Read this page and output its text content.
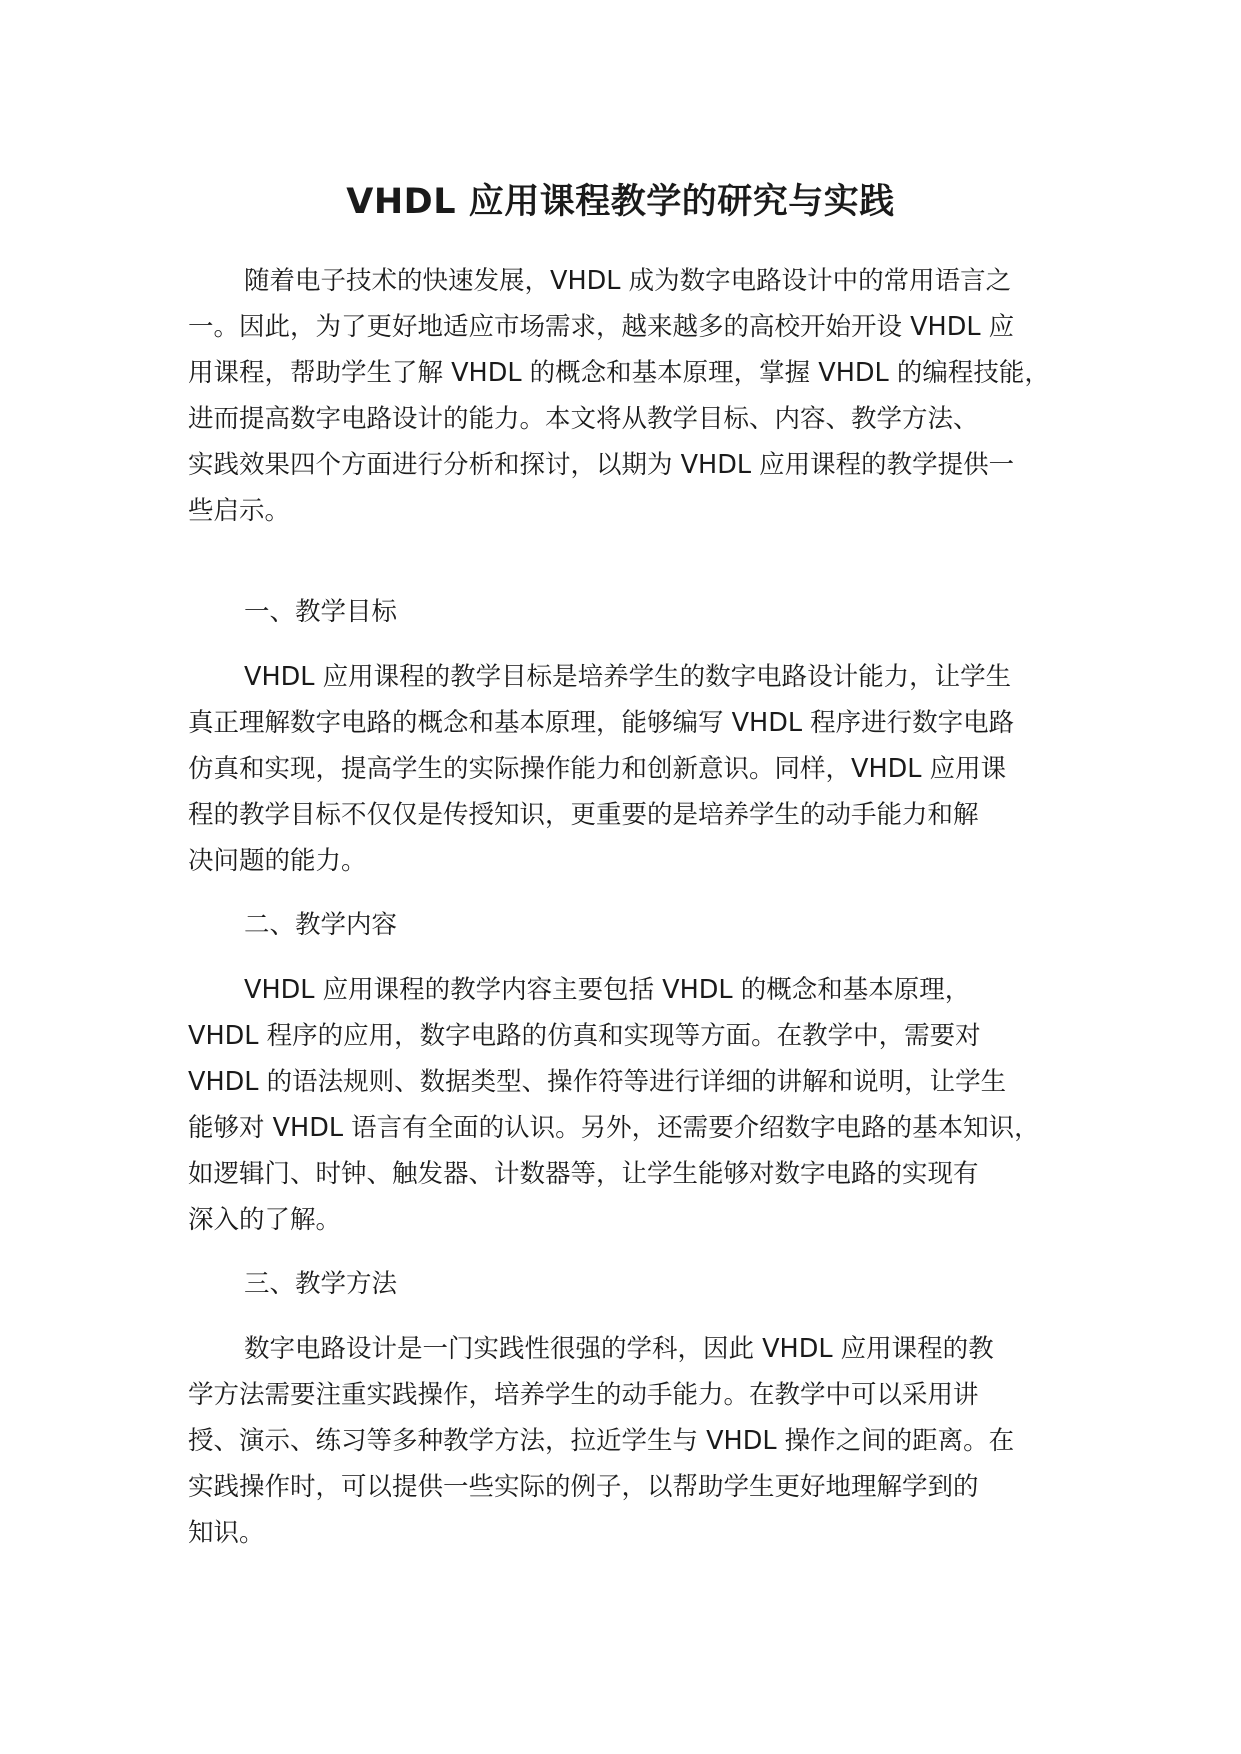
VHDL 应用课程教学的研究与实践
随着电子技术的快速发展，VHDL 成为数字电路设计中的常用语言之
一。因此，为了更好地适应市场需求，越来越多的高校开始开设 VHDL 应
用课程，帮助学生了解 VHDL 的概念和基本原理，掌握 VHDL 的编程技能，
进而提高数字电路设计的能力。本文将从教学目标、内容、教学方法、
实践效果四个方面进行分析和探讨，以期为 VHDL 应用课程的教学提供一
些启示。
一、教学目标
VHDL 应用课程的教学目标是培养学生的数字电路设计能力，让学生
真正理解数字电路的概念和基本原理，能够编写 VHDL 程序进行数字电路
仿真和实现，提高学生的实际操作能力和创新意识。同样，VHDL 应用课
程的教学目标不仅仅是传授知识，更重要的是培养学生的动手能力和解
决问题的能力。
二、教学内容
VHDL 应用课程的教学内容主要包括 VHDL 的概念和基本原理，
VHDL 程序的应用，数字电路的仿真和实现等方面。在教学中，需要对
VHDL 的语法规则、数据类型、操作符等进行详细的讲解和说明，让学生
能够对 VHDL 语言有全面的认识。另外，还需要介绍数字电路的基本知识，
如逻辑门、时钟、触发器、计数器等，让学生能够对数字电路的实现有
深入的了解。
三、教学方法
数字电路设计是一门实践性很强的学科，因此 VHDL 应用课程的教
学方法需要注重实践操作，培养学生的动手能力。在教学中可以采用讲
授、演示、练习等多种教学方法，拉近学生与 VHDL 操作之间的距离。在
实践操作时，可以提供一些实际的例子，以帮助学生更好地理解学到的
知识。
